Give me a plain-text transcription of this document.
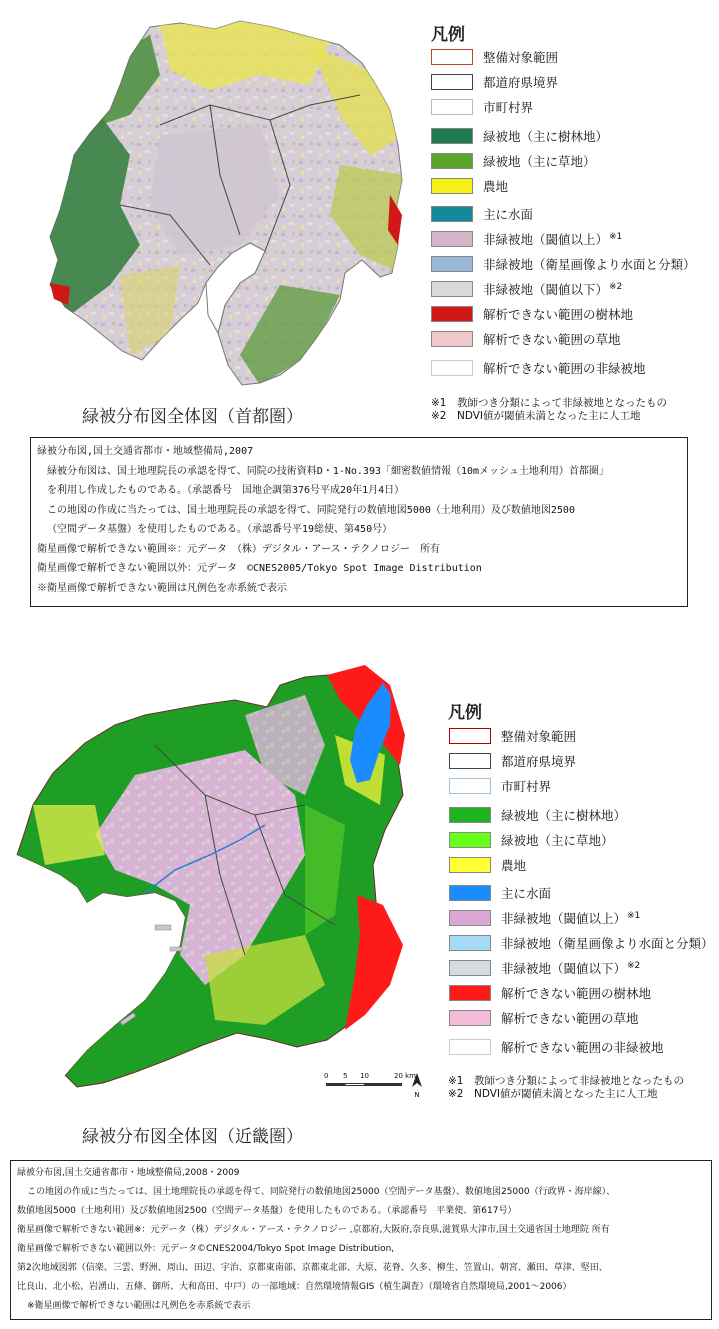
凡例
整備対象範囲
都道府県境界
市町村界
緑被地（主に樹林地）
緑被地（主に草地）
農地
主に水面
非緑被地（閾値以上）$^{※1}$
非緑被地（衛星画像より水面と分類）
非緑被地（閾値以下）$^{※2}$
解析できない範囲の樹林地
解析できない範囲の草地
解析できない範囲の非緑被地
※1　教師つき分類によって非緑被地となったもの
※2　NDVI値が閾値未満となった主に人工地
緑被分布図全体図（首都圏）
緑被分布図,国土交通省都市・地域整備局,2007
緑被分布図は、国土地理院長の承認を得て、同院の技術資料D・1-No.393「細密数値情報（10mメッシュ土地利用）首都圏」
を利用し作成したものである。（承認番号　国地企調第376号平成20年1月4日）
この地図の作成に当たっては、国土地理院長の承認を得て、同院発行の数値地図5000（土地利用）及び数値地図2500
（空間データ基盤）を使用したものである。（承認番号平19総使、第450号）
衛星画像で解析できない範囲※：元データ　（株）デジタル・アース・テクノロジー　所有
衛星画像で解析できない範囲以外：元データ　©CNES2005/Tokyo Spot Image Distribution
※衛星画像で解析できない範囲は凡例色を赤系統で表示
0 5 10	20 km
N
凡例
整備対象範囲
都道府県境界
市町村界
緑被地（主に樹林地）
緑被地（主に草地）
農地
主に水面
非緑被地（閾値以上）$^{※1}$
非緑被地（衛星画像より水面と分類）
非緑被地（閾値以下）$^{※2}$
解析できない範囲の樹林地
解析できない範囲の草地
解析できない範囲の非緑被地
※1　教師つき分類によって非緑被地となったもの
※2　NDVI値が閾値未満となった主に人工地
緑被分布図全体図（近畿圏）
緑被分布図,国土交通省都市・地域整備局,2008・2009
この地図の作成に当たっては、国土地理院長の承認を得て、同院発行の数値地図25000（空間データ基盤）、数値地図25000（行政界・海岸線）、
数値地図5000（土地利用）及び数値地図2500（空間データ基盤）を使用したものである。（承認番号　平業使、第617号）
衛星画像で解析できない範囲※：元データ（株）デジタル・アース・テクノロジー ,京都府,大阪府,奈良県,滋賀県大津市,国土交通省国土地理院 所有
衛星画像で解析できない範囲以外：元データ©CNES2004/Tokyo Spot Image Distribution,
第2次地域図郭（信楽、三雲、野洲、周山、田辺、宇治、京都東南部、京都東北部、大原、花脊、久多、柳生、笠置山、朝宮、瀬田、草津、堅田、
比良山、北小松、岩湧山、五條、御所、大和高田、中戸）の一部地域：自然環境情報GIS（植生調査）（環境省自然環境局,2001～2006）
※衛星画像で解析できない範囲は凡例色を赤系統で表示
